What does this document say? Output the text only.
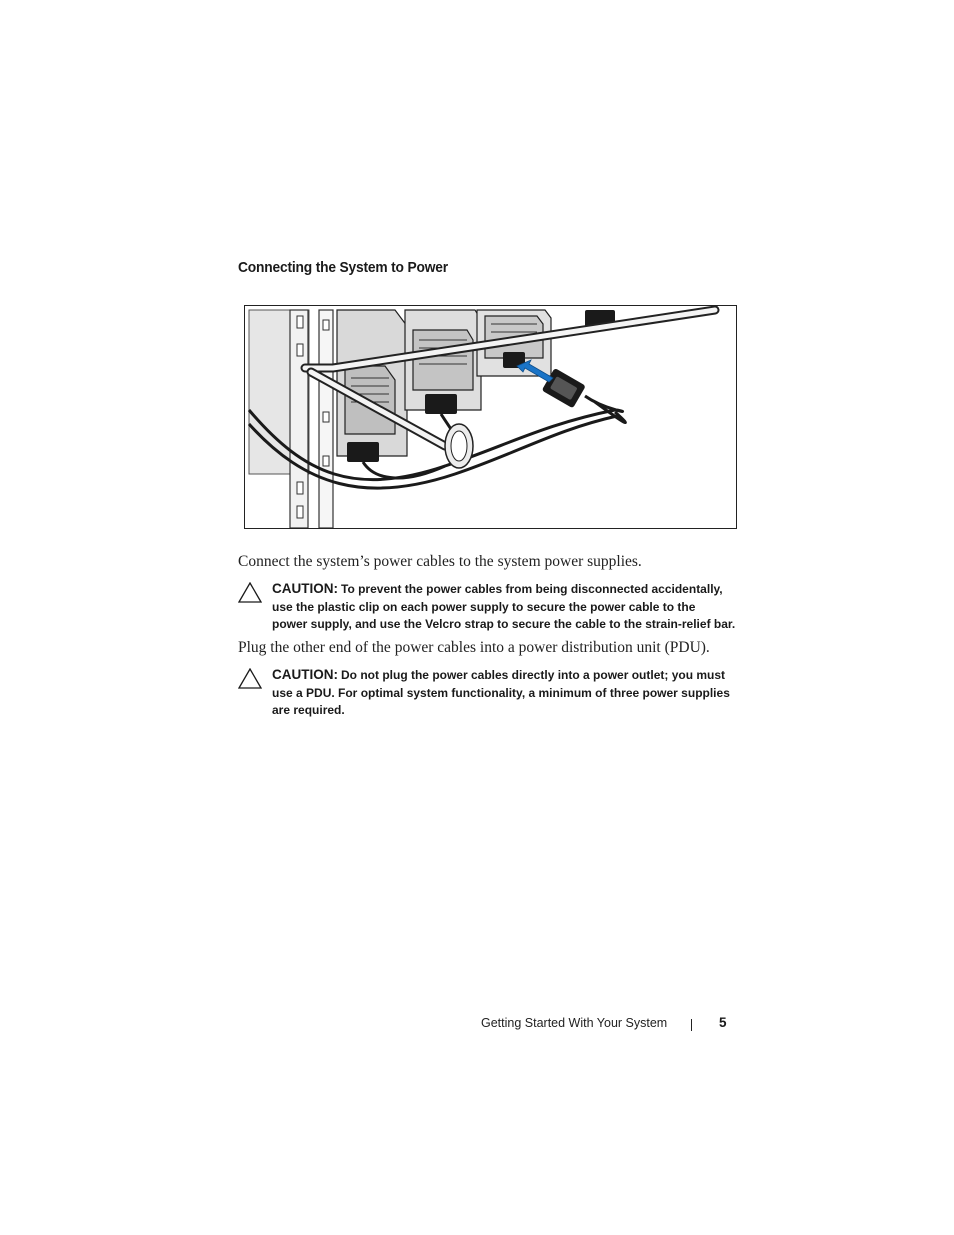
Connecting the System to Power
Connect the system’s power cables to the system power supplies.
CAUTION: To prevent the power cables from being disconnected accidentally,
use the plastic clip on each power supply to secure the power cable to the
power supply, and use the Velcro strap to secure the cable to the strain-relief bar.
Plug the other end of the power cables into a power distribution unit (PDU).
CAUTION: Do not plug the power cables directly into a power outlet; you must
use a PDU. For optimal system functionality, a minimum of three power supplies
are required.
Getting Started With Your System	5
